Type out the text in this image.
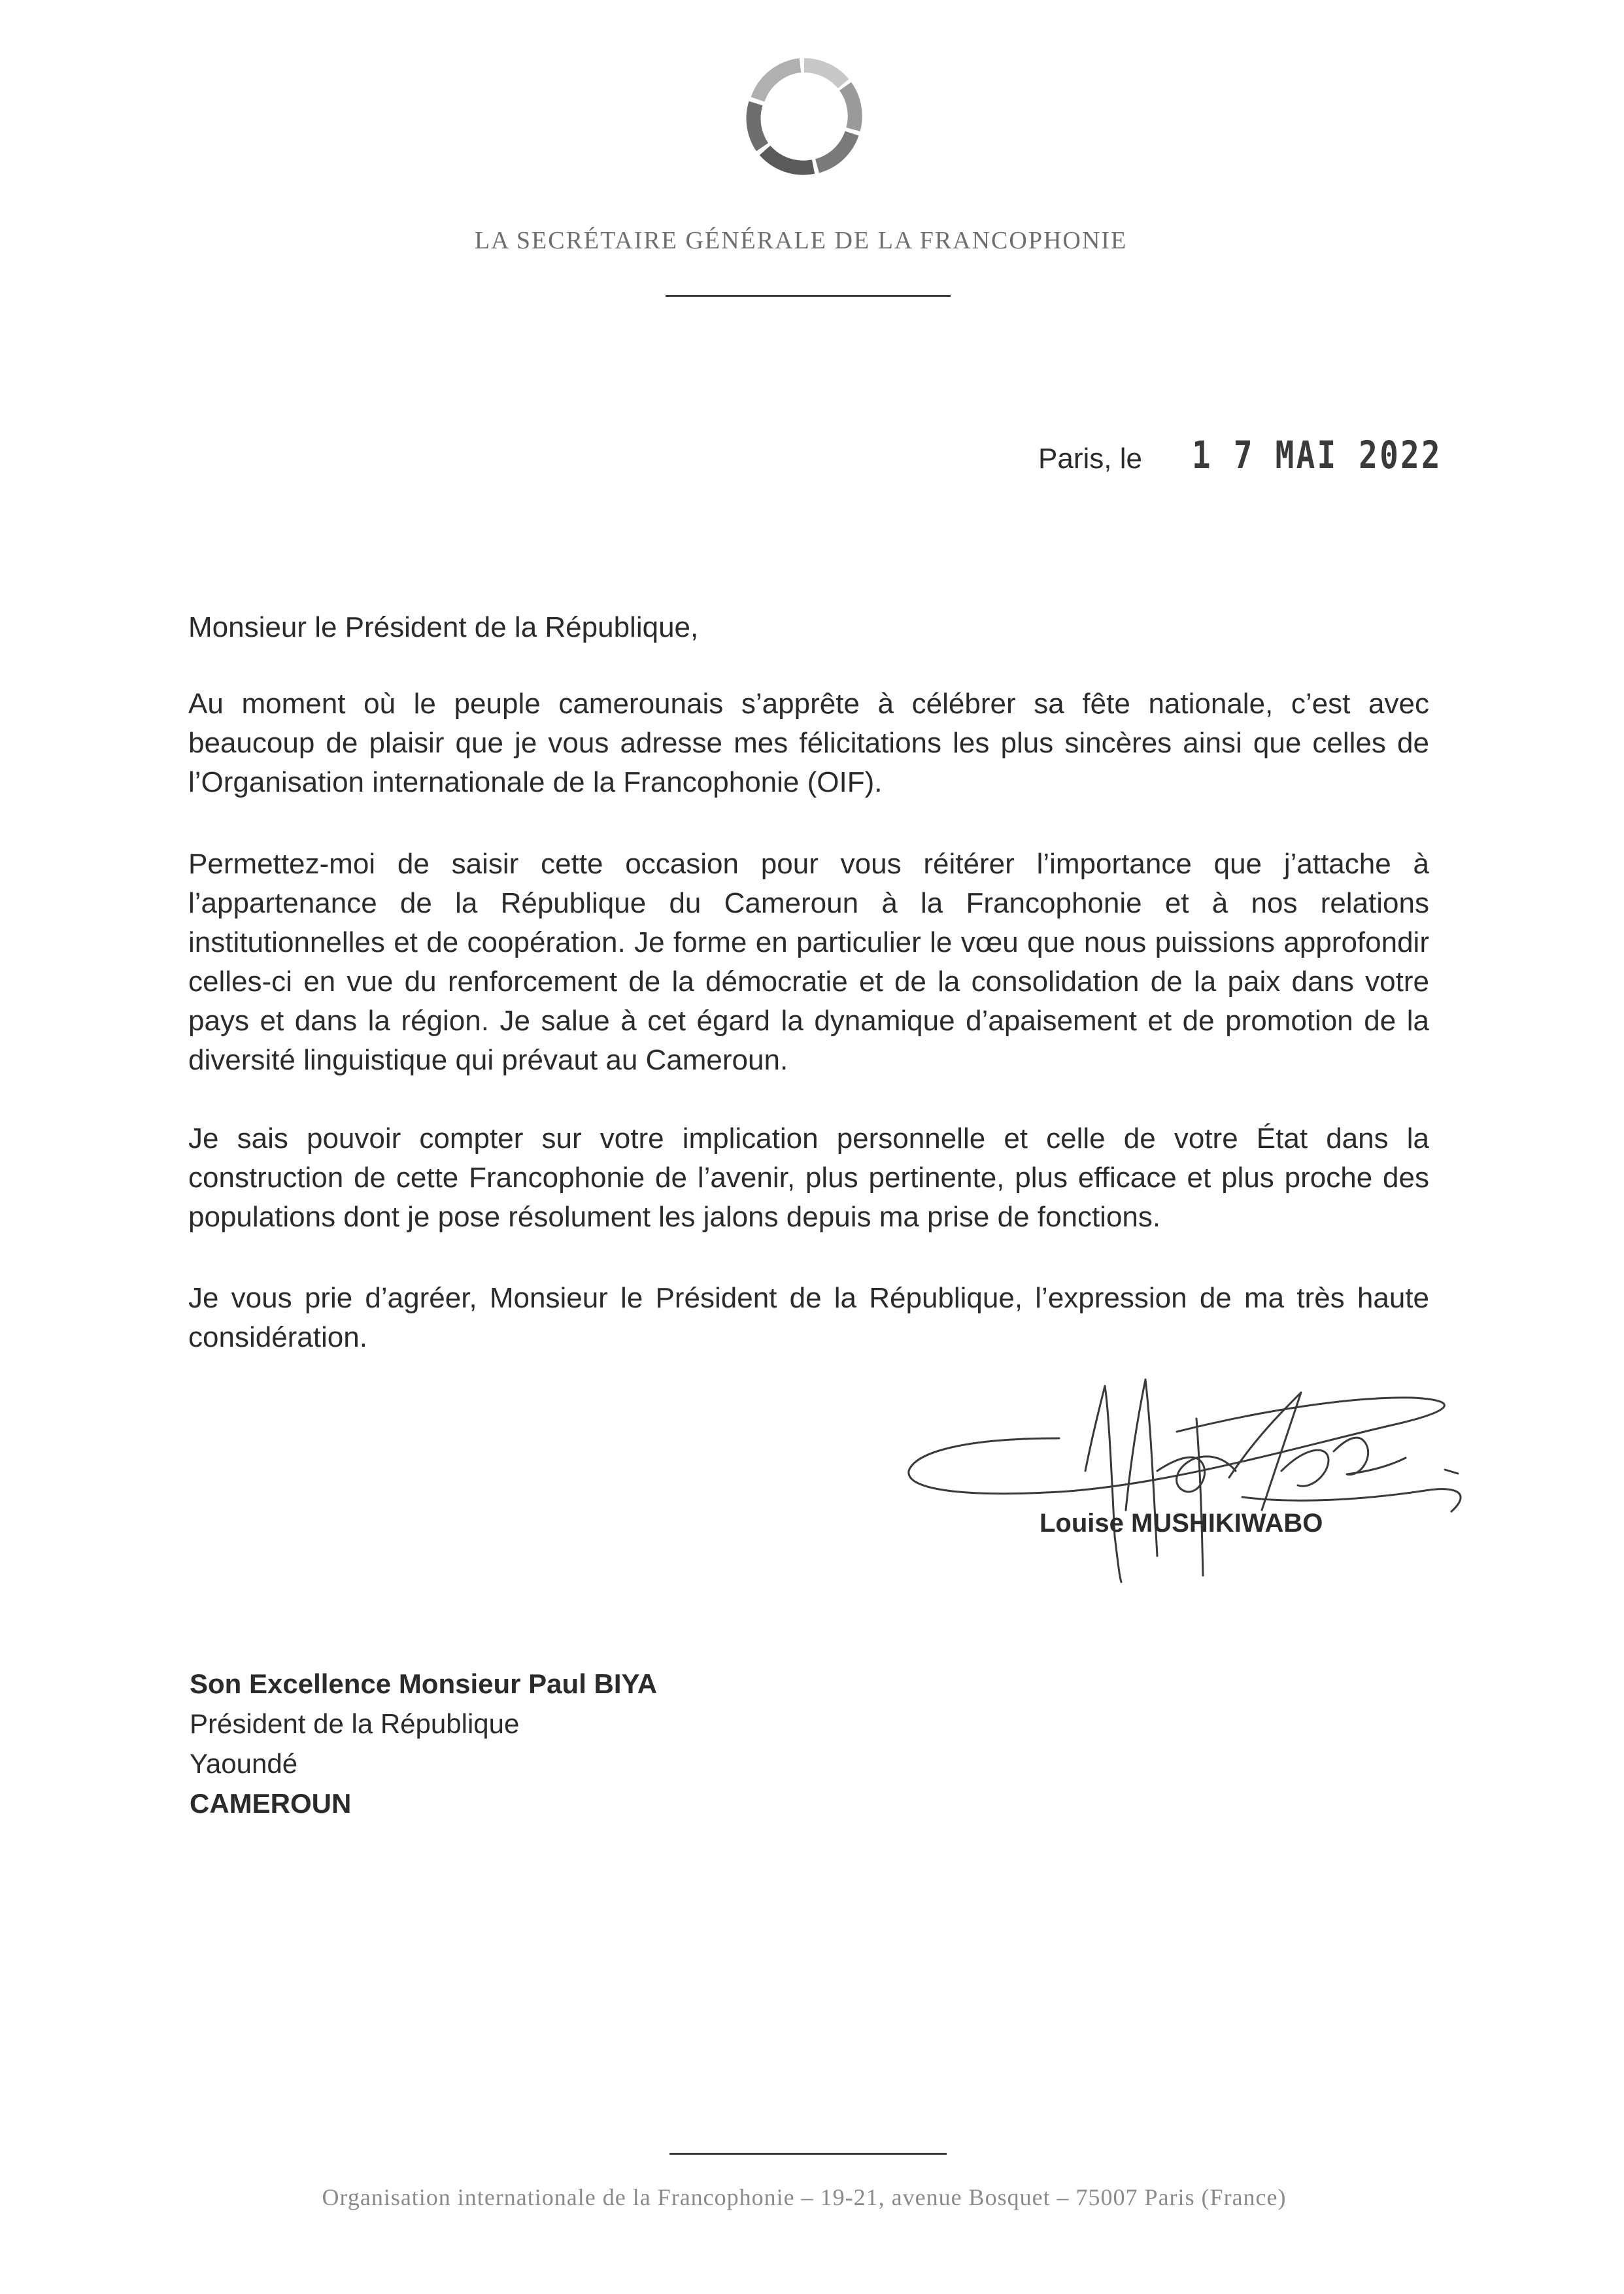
LA SECRÉTAIRE GÉNÉRALE DE LA FRANCOPHONIE
Paris, le 1 7 MAI 2022
Monsieur le Président de la République,
Au moment où le peuple camerounais s’apprête à célébrer sa fête nationale, c’est avec beaucoup de plaisir que je vous adresse mes félicitations les plus sincères ainsi que celles de l’Organisation internationale de la Francophonie (OIF).
Permettez-moi de saisir cette occasion pour vous réitérer l’importance que j’attache à l’appartenance de la République du Cameroun à la Francophonie et à nos relations institutionnelles et de coopération. Je forme en particulier le vœu que nous puissions approfondir celles-ci en vue du renforcement de la démocratie et de la consolidation de la paix dans votre pays et dans la région. Je salue à cet égard la dynamique d’apaisement et de promotion de la diversité linguistique qui prévaut au Cameroun.
Je sais pouvoir compter sur votre implication personnelle et celle de votre État dans la construction de cette Francophonie de l’avenir, plus pertinente, plus efficace et plus proche des populations dont je pose résolument les jalons depuis ma prise de fonctions.
Je vous prie d’agréer, Monsieur le Président de la République, l’expression de ma très haute considération.
Louise MUSHIKIWABO
Son Excellence Monsieur Paul BIYA
Président de la République
Yaoundé
CAMEROUN
Organisation internationale de la Francophonie – 19-21, avenue Bosquet – 75007 Paris (France)
